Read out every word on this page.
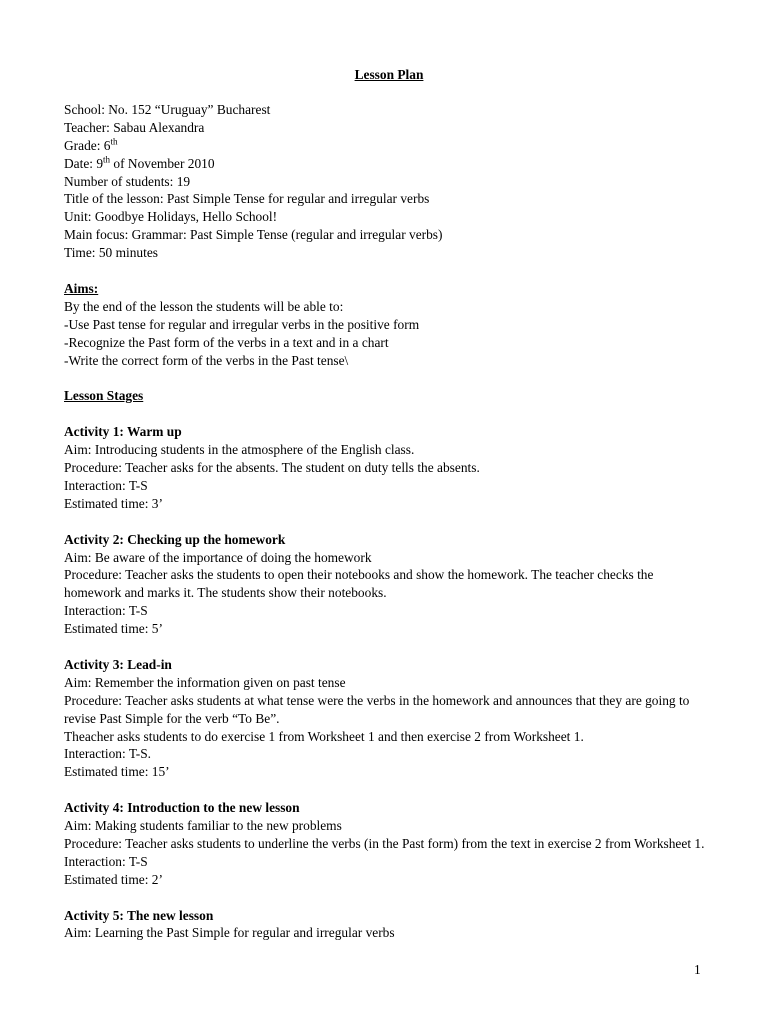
Lesson Plan

School: No. 152 “Uruguay” Bucharest

Teacher: Sabau Alexandra

Grade: 6th

Date: 9th of November 2010

Number of students: 19

Title of the lesson: Past Simple Tense for regular and irregular verbs

Unit: Goodbye Holidays, Hello School!

Main focus: Grammar: Past Simple Tense (regular and irregular verbs)

Time: 50 minutes

Aims:

By the end of the lesson the students will be able to:

-Use Past tense for regular and irregular verbs in the positive form

-Recognize the Past form of the verbs in a text and in a chart

-Write the correct form of the verbs in the Past tense\

Lesson Stages

Activity 1: Warm up

Aim: Introducing students in the atmosphere of the English class.

Procedure: Teacher asks for the absents. The student on duty tells the absents.

Interaction: T-S

Estimated time: 3’

Activity 2: Checking up the homework

Aim: Be aware of the importance of doing the homework

Procedure: Teacher asks the students to open their notebooks and show the homework. The teacher checks the homework and marks it. The students show their notebooks.

Interaction: T-S

Estimated time: 5’

Activity 3: Lead-in

Aim: Remember the information given on past tense

Procedure: Teacher asks students at what tense were the verbs in the homework and announces that they are going to revise Past Simple for the verb “To Be”.

Theacher asks students to do exercise 1 from Worksheet 1 and then exercise 2 from Worksheet 1.

Interaction: T-S.

Estimated time: 15’

Activity 4: Introduction to the new lesson

Aim: Making students familiar to the new problems

Procedure: Teacher asks students to underline the verbs (in the Past form) from the text in exercise 2 from Worksheet 1.

Interaction: T-S

Estimated time: 2’

Activity 5: The new lesson

Aim: Learning the Past Simple for regular and irregular verbs

1
